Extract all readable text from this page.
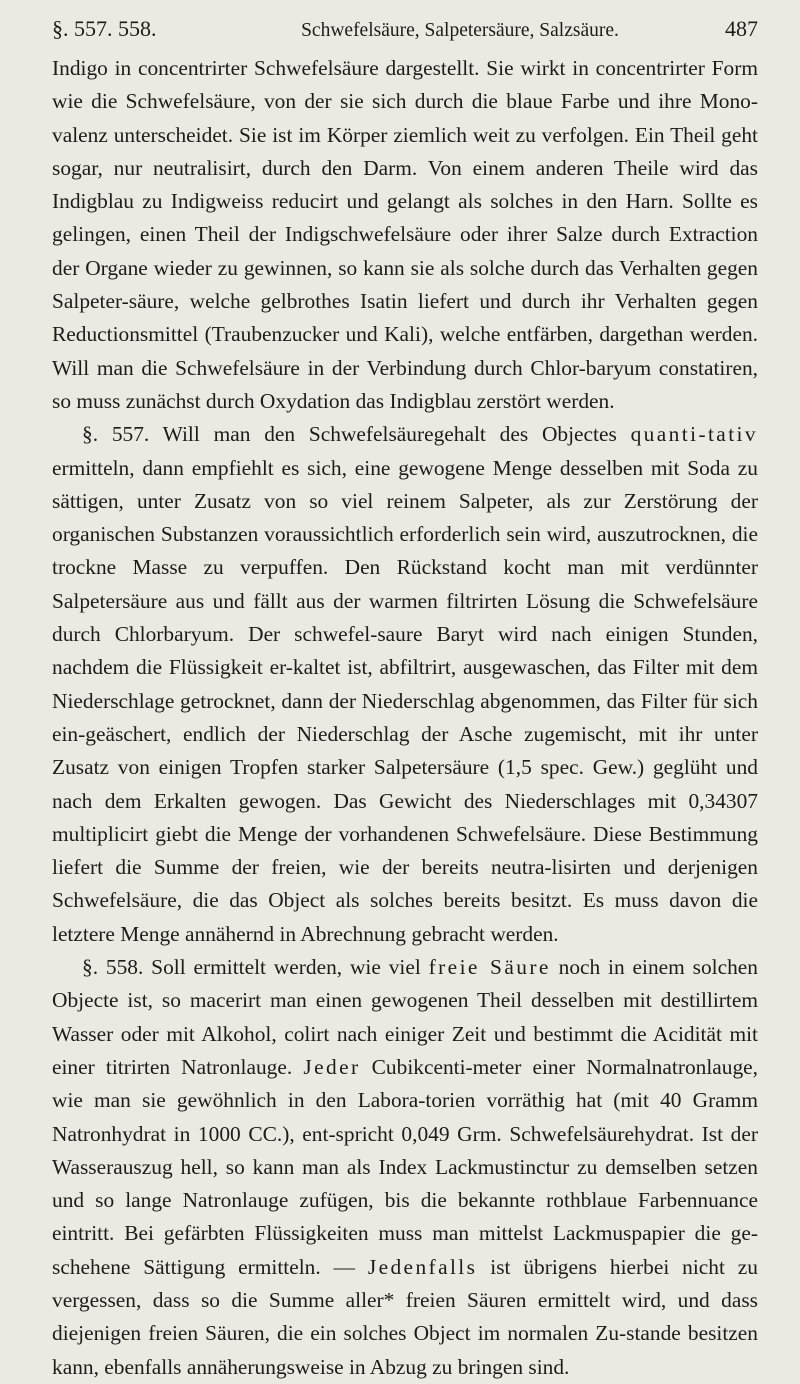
§. 557. 558.	Schwefelsäure, Salpetersäure, Salzsäure.	487

Indigo in concentrirter Schwefelsäure dargestellt. Sie wirkt in concentrirter Form wie die Schwefelsäure, von der sie sich durch die blaue Farbe und ihre Mono-valenz unterscheidet. Sie ist im Körper ziemlich weit zu verfolgen. Ein Theil geht sogar, nur neutralisirt, durch den Darm. Von einem anderen Theile wird das Indigblau zu Indigweiss reducirt und gelangt als solches in den Harn. Sollte es gelingen, einen Theil der Indigschwefelsäure oder ihrer Salze durch Extraction der Organe wieder zu gewinnen, so kann sie als solche durch das Verhalten gegen Salpeter-säure, welche gelbrothes Isatin liefert und durch ihr Verhalten gegen Reductionsmittel (Traubenzucker und Kali), welche entfärben, dargethan werden. Will man die Schwefelsäure in der Verbindung durch Chlor-baryum constatiren, so muss zunächst durch Oxydation das Indigblau zerstört werden.

§. 557. Will man den Schwefelsäuregehalt des Objectes quanti-tativ ermitteln, dann empfiehlt es sich, eine gewogene Menge desselben mit Soda zu sättigen, unter Zusatz von so viel reinem Salpeter, als zur Zerstörung der organischen Substanzen voraussichtlich erforderlich sein wird, auszutrocknen, die trockne Masse zu verpuffen. Den Rückstand kocht man mit verdünnter Salpetersäure aus und fällt aus der warmen filtrirten Lösung die Schwefelsäure durch Chlorbaryum. Der schwefel-saure Baryt wird nach einigen Stunden, nachdem die Flüssigkeit er-kaltet ist, abfiltrirt, ausgewaschen, das Filter mit dem Niederschlage getrocknet, dann der Niederschlag abgenommen, das Filter für sich ein-geäschert, endlich der Niederschlag der Asche zugemischt, mit ihr unter Zusatz von einigen Tropfen starker Salpetersäure (1,5 spec. Gew.) geglüht und nach dem Erkalten gewogen. Das Gewicht des Niederschlages mit 0,34307 multiplicirt giebt die Menge der vorhandenen Schwefelsäure. Diese Bestimmung liefert die Summe der freien, wie der bereits neutra-lisirten und derjenigen Schwefelsäure, die das Object als solches bereits besitzt. Es muss davon die letztere Menge annähernd in Abrechnung gebracht werden.

§. 558. Soll ermittelt werden, wie viel freie Säure noch in einem solchen Objecte ist, so macerirt man einen gewogenen Theil desselben mit destillirtem Wasser oder mit Alkohol, colirt nach einiger Zeit und bestimmt die Acidität mit einer titrirten Natronlauge. Jeder Cubikcenti-meter einer Normalnatronlauge, wie man sie gewöhnlich in den Labora-torien vorräthig hat (mit 40 Gramm Natronhydrat in 1000 CC.), ent-spricht 0,049 Grm. Schwefelsäurehydrat. Ist der Wasserauszug hell, so kann man als Index Lackmustinctur zu demselben setzen und so lange Natronlauge zufügen, bis die bekannte rothblaue Farbennuance eintritt. Bei gefärbten Flüssigkeiten muss man mittelst Lackmuspapier die ge-schehene Sättigung ermitteln. — Jedenfalls ist übrigens hierbei nicht zu vergessen, dass so die Summe aller* freien Säuren ermittelt wird, und dass diejenigen freien Säuren, die ein solches Object im normalen Zu-stande besitzen kann, ebenfalls annäherungsweise in Abzug zu bringen sind.
